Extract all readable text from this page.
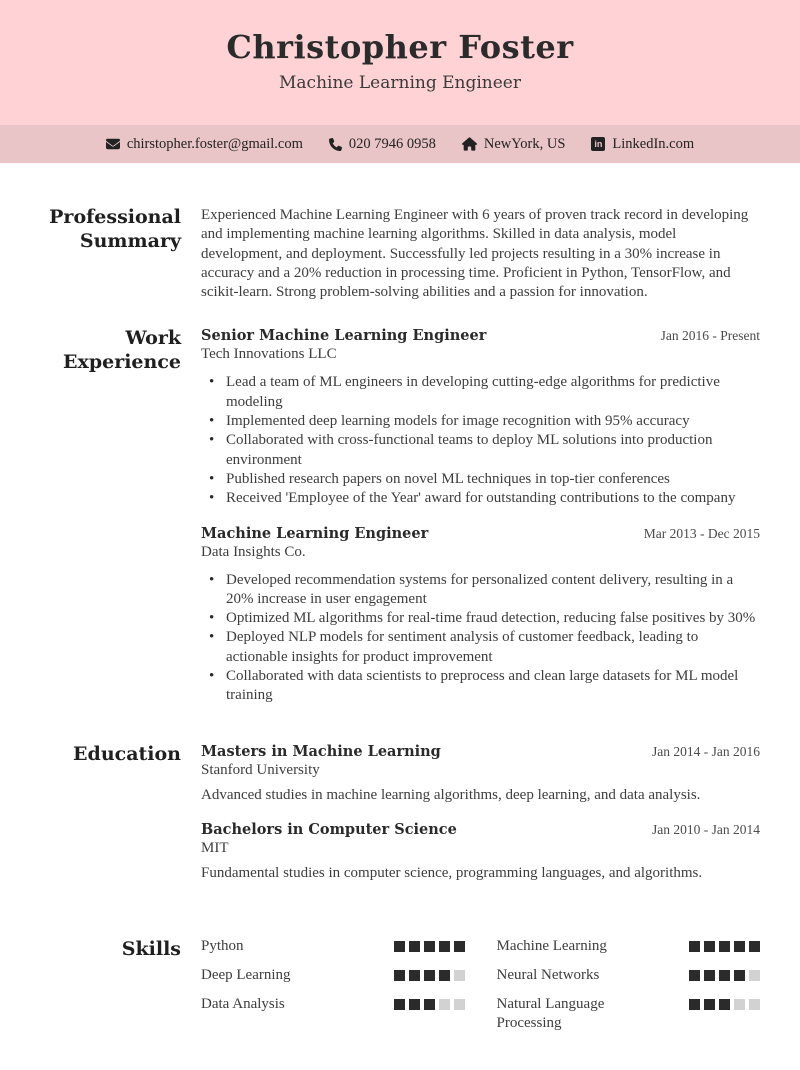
Christopher Foster
Machine Learning Engineer
chirstopher.foster@gmail.com	020 7946 0958	NewYork, US	in LinkedIn.com
Professional Summary

Experienced Machine Learning Engineer with 6 years of proven track record in developing and implementing machine learning algorithms. Skilled in data analysis, model development, and deployment. Successfully led projects resulting in a 30% increase in accuracy and a 20% reduction in processing time. Proficient in Python, TensorFlow, and scikit-learn. Strong problem-solving abilities and a passion for innovation.

Work Experience
Senior Machine Learning Engineer	Jan 2016 - Present
Tech Innovations LLC
• Lead a team of ML engineers in developing cutting-edge algorithms for predictive modeling
• Implemented deep learning models for image recognition with 95% accuracy
• Collaborated with cross-functional teams to deploy ML solutions into production environment
• Published research papers on novel ML techniques in top-tier conferences
• Received 'Employee of the Year' award for outstanding contributions to the company
Machine Learning Engineer	Mar 2013 - Dec 2015
Data Insights Co.
• Developed recommendation systems for personalized content delivery, resulting in a 20% increase in user engagement
• Optimized ML algorithms for real-time fraud detection, reducing false positives by 30%
• Deployed NLP models for sentiment analysis of customer feedback, leading to actionable insights for product improvement
• Collaborated with data scientists to preprocess and clean large datasets for ML model training
Education Masters in Machine Learning	Jan 2014 - Jan 2016
Stanford University
Advanced studies in machine learning algorithms, deep learning, and data analysis.
Bachelors in Computer Science	Jan 2010 - Jan 2014
MIT
Fundamental studies in computer science, programming languages, and algorithms.
Skills Python	Machine Learning
Deep Learning	Neural Networks
Data Analysis	Natural Language Processing
